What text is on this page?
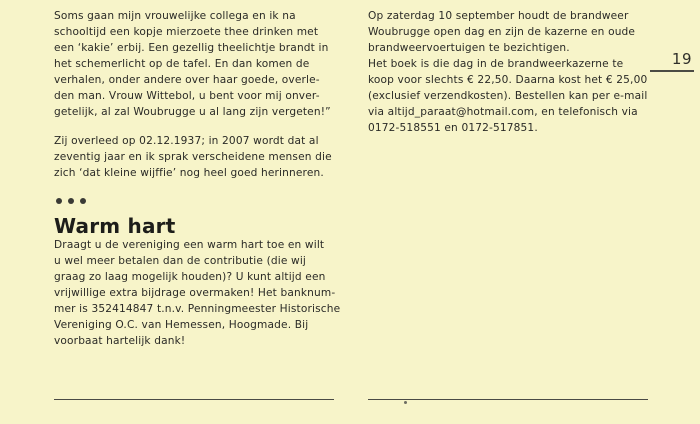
Soms gaan mijn vrouwelijke collega en ik na
schooltijd een kopje mierzoete thee drinken met
een ‘kakie’ erbij. Een gezellig theelichtje brandt in
het schemerlicht op de tafel. En dan komen de
verhalen, onder andere over haar goede, overle-
den man. Vrouw Wittebol, u bent voor mij onver-
getelijk, al zal Woubrugge u al lang zijn vergeten!”

Zij overleed op 02.12.1937; in 2007 wordt dat al
zeventig jaar en ik sprak verscheidene mensen die
zich ‘dat kleine wijffie’ nog heel goed herinneren.

Warm hart

Draagt u de vereniging een warm hart toe en wilt
u wel meer betalen dan de contributie (die wij
graag zo laag mogelijk houden)? U kunt altijd een
vrijwillige extra bijdrage overmaken! Het banknum-
mer is 352414847 t.n.v. Penningmeester Historische
Vereniging O.C. van Hemessen, Hoogmade. Bij
voorbaat hartelijk dank!

Op zaterdag 10 september houdt de brandweer
Woubrugge open dag en zijn de kazerne en oude
brandweervoertuigen te bezichtigen.
Het boek is die dag in de brandweerkazerne te
koop voor slechts € 22,50. Daarna kost het € 25,00
(exclusief verzendkosten). Bestellen kan per e-mail
via altijd_paraat@hotmail.com, en telefonisch via
0172-518551 en 0172-517851.

19
